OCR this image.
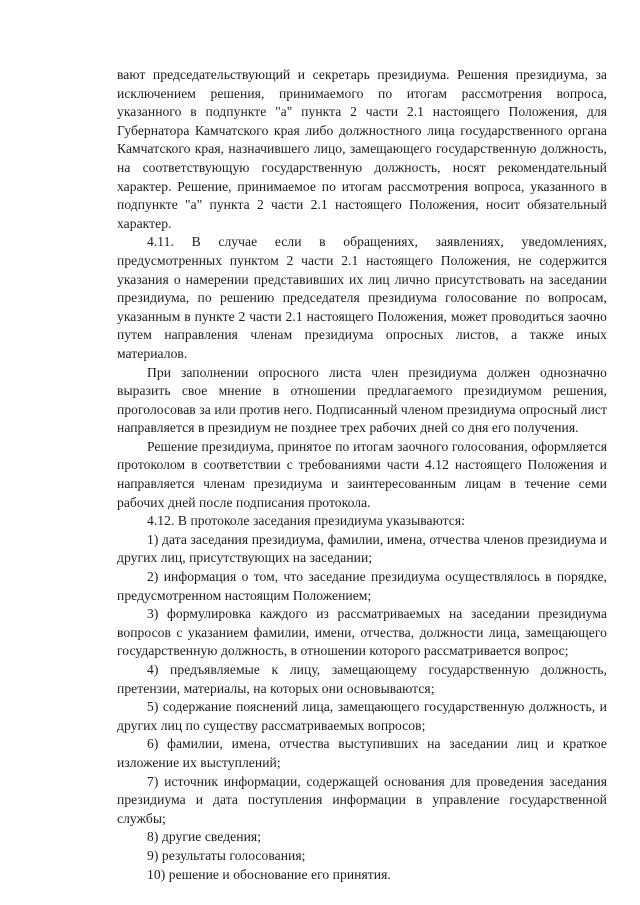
вают председательствующий и секретарь президиума. Решения президиума, за исключением решения, принимаемого по итогам рассмотрения вопроса, указанного в подпункте "а" пункта 2 части 2.1 настоящего Положения, для Губернатора Камчатского края либо должностного лица государственного органа Камчатского края, назначившего лицо, замещающего государственную должность, на соответствующую государственную должность, носят рекомендательный характер. Решение, принимаемое по итогам рассмотрения вопроса, указанного в подпункте "а" пункта 2 части 2.1 настоящего Положения, носит обязательный характер.

4.11. В случае если в обращениях, заявлениях, уведомлениях, предусмотренных пунктом 2 части 2.1 настоящего Положения, не содержится указания о намерении представивших их лиц лично присутствовать на заседании президиума, по решению председателя президиума голосование по вопросам, указанным в пункте 2 части 2.1 настоящего Положения, может проводиться заочно путем направления членам президиума опросных листов, а также иных материалов.

При заполнении опросного листа член президиума должен однозначно выразить свое мнение в отношении предлагаемого президиумом решения, проголосовав за или против него. Подписанный членом президиума опросный лист направляется в президиум не позднее трех рабочих дней со дня его получения.

Решение президиума, принятое по итогам заочного голосования, оформляется протоколом в соответствии с требованиями части 4.12 настоящего Положения и направляется членам президиума и заинтересованным лицам в течение семи рабочих дней после подписания протокола.

4.12. В протоколе заседания президиума указываются:

1) дата заседания президиума, фамилии, имена, отчества членов президиума и других лиц, присутствующих на заседании;

2) информация о том, что заседание президиума осуществлялось в порядке, предусмотренном настоящим Положением;

3) формулировка каждого из рассматриваемых на заседании президиума вопросов с указанием фамилии, имени, отчества, должности лица, замещающего государственную должность, в отношении которого рассматривается вопрос;

4) предъявляемые к лицу, замещающему государственную должность, претензии, материалы, на которых они основываются;

5) содержание пояснений лица, замещающего государственную должность, и других лиц по существу рассматриваемых вопросов;

6) фамилии, имена, отчества выступивших на заседании лиц и краткое изложение их выступлений;

7) источник информации, содержащей основания для проведения заседания президиума и дата поступления информации в управление государственной службы;

8) другие сведения;

9) результаты голосования;

10) решение и обоснование его принятия.
